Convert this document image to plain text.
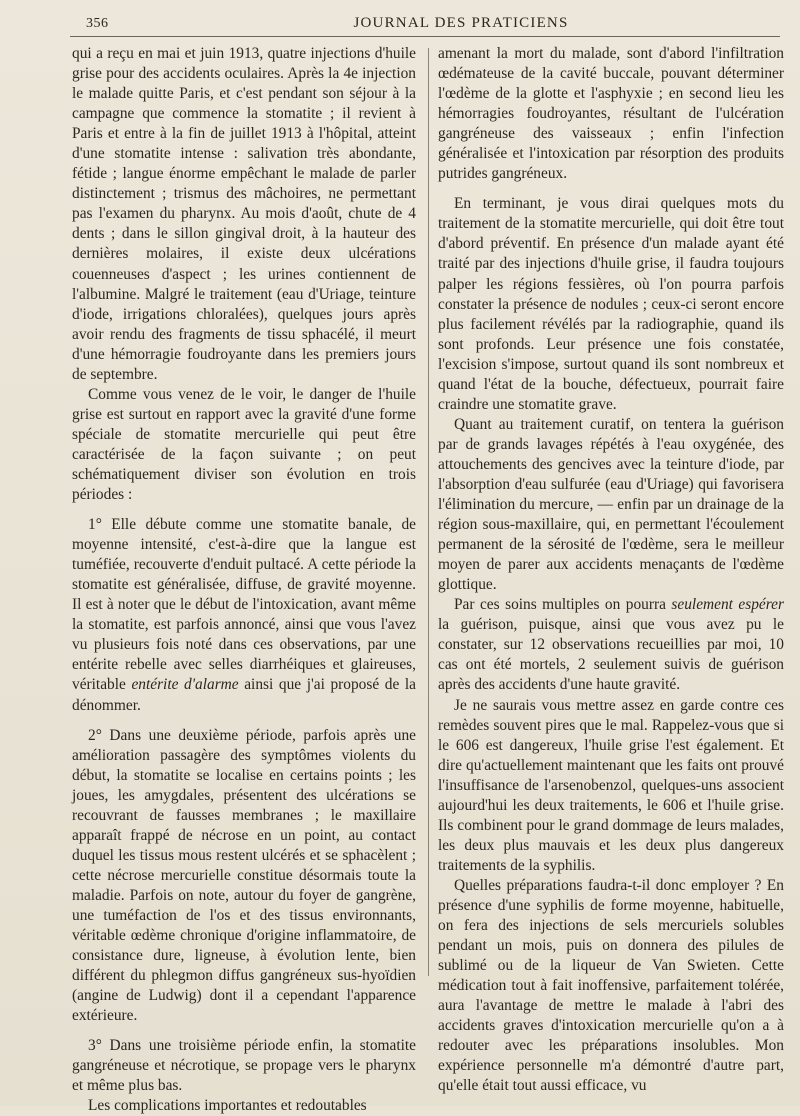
356	JOURNAL DES PRATICIENS

qui a reçu en mai et juin 1913, quatre injections d'huile grise pour des accidents oculaires. Après la 4e injection le malade quitte Paris, et c'est pendant son séjour à la campagne que commence la stomatite ; il revient à Paris et entre à la fin de juillet 1913 à l'hôpital, atteint d'une stomatite intense : salivation très abondante, fétide ; langue énorme empêchant le malade de parler distinctement ; trismus des mâchoires, ne permettant pas l'examen du pharynx. Au mois d'août, chute de 4 dents ; dans le sillon gingival droit, à la hauteur des dernières molaires, il existe deux ulcérations couenneuses d'aspect ; les urines contiennent de l'albumine. Malgré le traitement (eau d'Uriage, teinture d'iode, irrigations chloralées), quelques jours après avoir rendu des fragments de tissu sphacélé, il meurt d'une hémorragie foudroyante dans les premiers jours de septembre.

Comme vous venez de le voir, le danger de l'huile grise est surtout en rapport avec la gravité d'une forme spéciale de stomatite mercurielle qui peut être caractérisée de la façon suivante ; on peut schématiquement diviser son évolution en trois périodes :

1° Elle débute comme une stomatite banale, de moyenne intensité, c'est-à-dire que la langue est tuméfiée, recouverte d'enduit pultacé. A cette période la stomatite est généralisée, diffuse, de gravité moyenne. Il est à noter que le début de l'intoxication, avant même la stomatite, est parfois annoncé, ainsi que vous l'avez vu plusieurs fois noté dans ces observations, par une entérite rebelle avec selles diarrhéiques et glaireuses, véritable entérite d'alarme ainsi que j'ai proposé de la dénommer.

2° Dans une deuxième période, parfois après une amélioration passagère des symptômes violents du début, la stomatite se localise en certains points ; les joues, les amygdales, présentent des ulcérations se recouvrant de fausses membranes ; le maxillaire apparaît frappé de nécrose en un point, au contact duquel les tissus mous restent ulcérés et se sphacèlent ; cette nécrose mercurielle constitue désormais toute la maladie. Parfois on note, autour du foyer de gangrène, une tuméfaction de l'os et des tissus environnants, véritable œdème chronique d'origine inflammatoire, de consistance dure, ligneuse, à évolution lente, bien différent du phlegmon diffus gangréneux sus-hyoïdien (angine de Ludwig) dont il a cependant l'apparence extérieure.

3° Dans une troisième période enfin, la stomatite gangréneuse et nécrotique, se propage vers le pharynx et même plus bas.

Les complications importantes et redoutables

amenant la mort du malade, sont d'abord l'infiltration œdémateuse de la cavité buccale, pouvant déterminer l'œdème de la glotte et l'asphyxie ; en second lieu les hémorragies foudroyantes, résultant de l'ulcération gangréneuse des vaisseaux ; enfin l'infection généralisée et l'intoxication par résorption des produits putrides gangréneux.

En terminant, je vous dirai quelques mots du traitement de la stomatite mercurielle, qui doit être tout d'abord préventif. En présence d'un malade ayant été traité par des injections d'huile grise, il faudra toujours palper les régions fessières, où l'on pourra parfois constater la présence de nodules ; ceux-ci seront encore plus facilement révélés par la radiographie, quand ils sont profonds. Leur présence une fois constatée, l'excision s'impose, surtout quand ils sont nombreux et quand l'état de la bouche, défectueux, pourrait faire craindre une stomatite grave.

Quant au traitement curatif, on tentera la guérison par de grands lavages répétés à l'eau oxygénée, des attouchements des gencives avec la teinture d'iode, par l'absorption d'eau sulfurée (eau d'Uriage) qui favorisera l'élimination du mercure, — enfin par un drainage de la région sous-maxillaire, qui, en permettant l'écoulement permanent de la sérosité de l'œdème, sera le meilleur moyen de parer aux accidents menaçants de l'œdème glottique.

Par ces soins multiples on pourra seulement espérer la guérison, puisque, ainsi que vous avez pu le constater, sur 12 observations recueillies par moi, 10 cas ont été mortels, 2 seulement suivis de guérison après des accidents d'une haute gravité.

Je ne saurais vous mettre assez en garde contre ces remèdes souvent pires que le mal. Rappelez-vous que si le 606 est dangereux, l'huile grise l'est également. Et dire qu'actuellement maintenant que les faits ont prouvé l'insuffisance de l'arsenobenzol, quelques-uns associent aujourd'hui les deux traitements, le 606 et l'huile grise. Ils combinent pour le grand dommage de leurs malades, les deux plus mauvais et les deux plus dangereux traitements de la syphilis.

Quelles préparations faudra-t-il donc employer ? En présence d'une syphilis de forme moyenne, habituelle, on fera des injections de sels mercuriels solubles pendant un mois, puis on donnera des pilules de sublimé ou de la liqueur de Van Swieten. Cette médication tout à fait inoffensive, parfaitement tolérée, aura l'avantage de mettre le malade à l'abri des accidents graves d'intoxication mercurielle qu'on a à redouter avec les préparations insolubles. Mon expérience personnelle m'a démontré d'autre part, qu'elle était tout aussi efficace, vu
